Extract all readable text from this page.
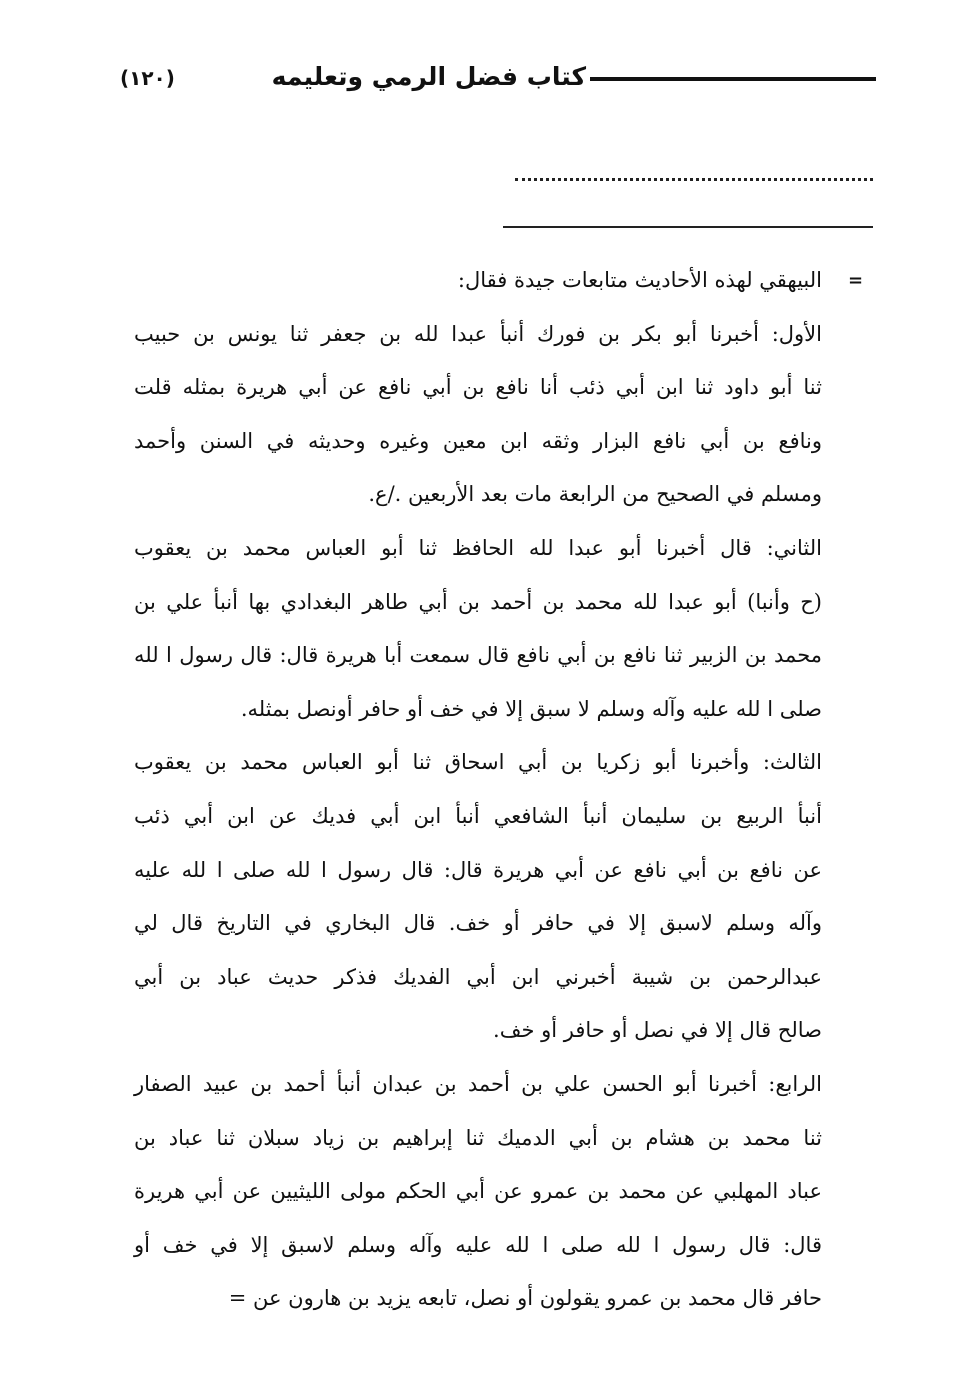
كتاب فضل الرمي وتعليمه
(١٢٠)
=
البيهقي لهذه الأحاديث متابعات جيدة فقال:
الأول: أخبرنا أبو بكر بن فورك أنبأ عبدا لله بن جعفر ثنا يونس بن حبيب
ثنا أبو داود ثنا ابن أبي ذئب أنا نافع بن أبي نافع عن أبي هريرة بمثله قلت
ونافع بن أبي نافع البزار وثقه ابن معين وغيره وحديثه في السنن وأحمد
ومسلم في الصحيح من الرابعة مات بعد الأربعين ./ع.
الثاني: قال أخبرنا أبو عبدا لله الحافظ ثنا أبو العباس محمد بن يعقوب
(ح وأنبا) أبو عبدا لله محمد بن أحمد بن أبي طاهر البغدادي بها أنبأ علي بن
محمد بن الزبير ثنا نافع بن أبي نافع قال سمعت أبا هريرة قال: قال رسول ا لله
صلى ا لله عليه وآله وسلم لا سبق إلا في خف أو حافر أونصل بمثله.
الثالث: وأخبرنا أبو زكريا بن أبي اسحاق ثنا أبو العباس محمد بن يعقوب
أنبأ الربيع بن سليمان أنبأ الشافعي أنبأ ابن أبي فديك عن ابن أبي ذئب
عن نافع بن أبي نافع عن أبي هريرة قال: قال رسول ا لله صلى ا لله عليه
وآله وسلم لاسبق إلا في حافر أو خف. قال البخاري في التاريخ قال لي
عبدالرحمن بن شيبة أخبرني ابن أبي الفديك فذكر حديث عباد بن أبي
صالح قال إلا في نصل أو حافر أو خف.
الرابع: أخبرنا أبو الحسن علي بن أحمد بن عبدان أنبأ أحمد بن عبيد الصفار
ثنا محمد بن هشام بن أبي الدميك ثنا إبراهيم بن زياد سبلان ثنا عباد بن
عباد المهلبي عن محمد بن عمرو عن أبي الحكم مولى الليثيين عن أبي هريرة
قال: قال رسول ا لله صلى ا لله عليه وآله وسلم لاسبق إلا في خف أو
حافر قال محمد بن عمرو يقولون أو نصل، تابعه يزيد بن هارون عن =
